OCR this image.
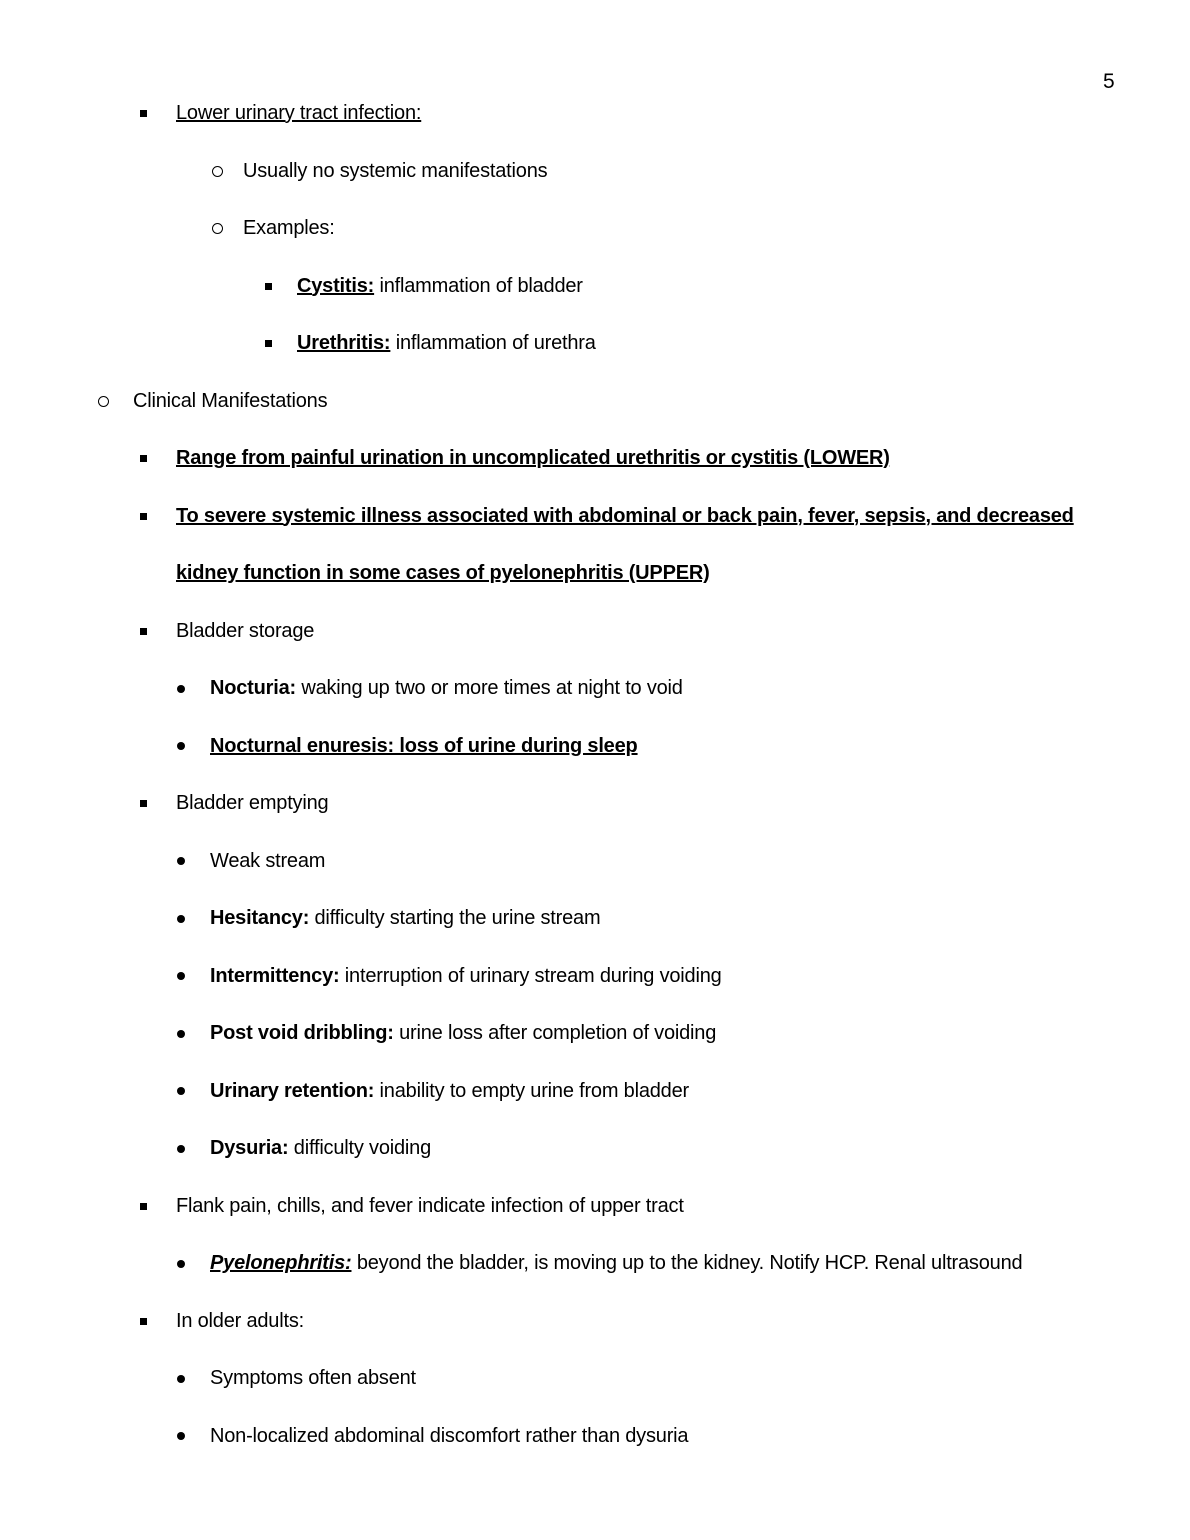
5
Lower urinary tract infection:
Usually no systemic manifestations
Examples:
Cystitis: inflammation of bladder
Urethritis: inflammation of urethra
Clinical Manifestations
Range from painful urination in uncomplicated urethritis or cystitis (LOWER)
To severe systemic illness associated with abdominal or back pain, fever, sepsis, and decreased
kidney function in some cases of pyelonephritis (UPPER)
Bladder storage
Nocturia: waking up two or more times at night to void
Nocturnal enuresis: loss of urine during sleep
Bladder emptying
Weak stream
Hesitancy: difficulty starting the urine stream
Intermittency: interruption of urinary stream during voiding
Post void dribbling: urine loss after completion of voiding
Urinary retention: inability to empty urine from bladder
Dysuria: difficulty voiding
Flank pain, chills, and fever indicate infection of upper tract
Pyelonephritis: beyond the bladder, is moving up to the kidney. Notify HCP. Renal ultrasound
In older adults:
Symptoms often absent
Non-localized abdominal discomfort rather than dysuria
